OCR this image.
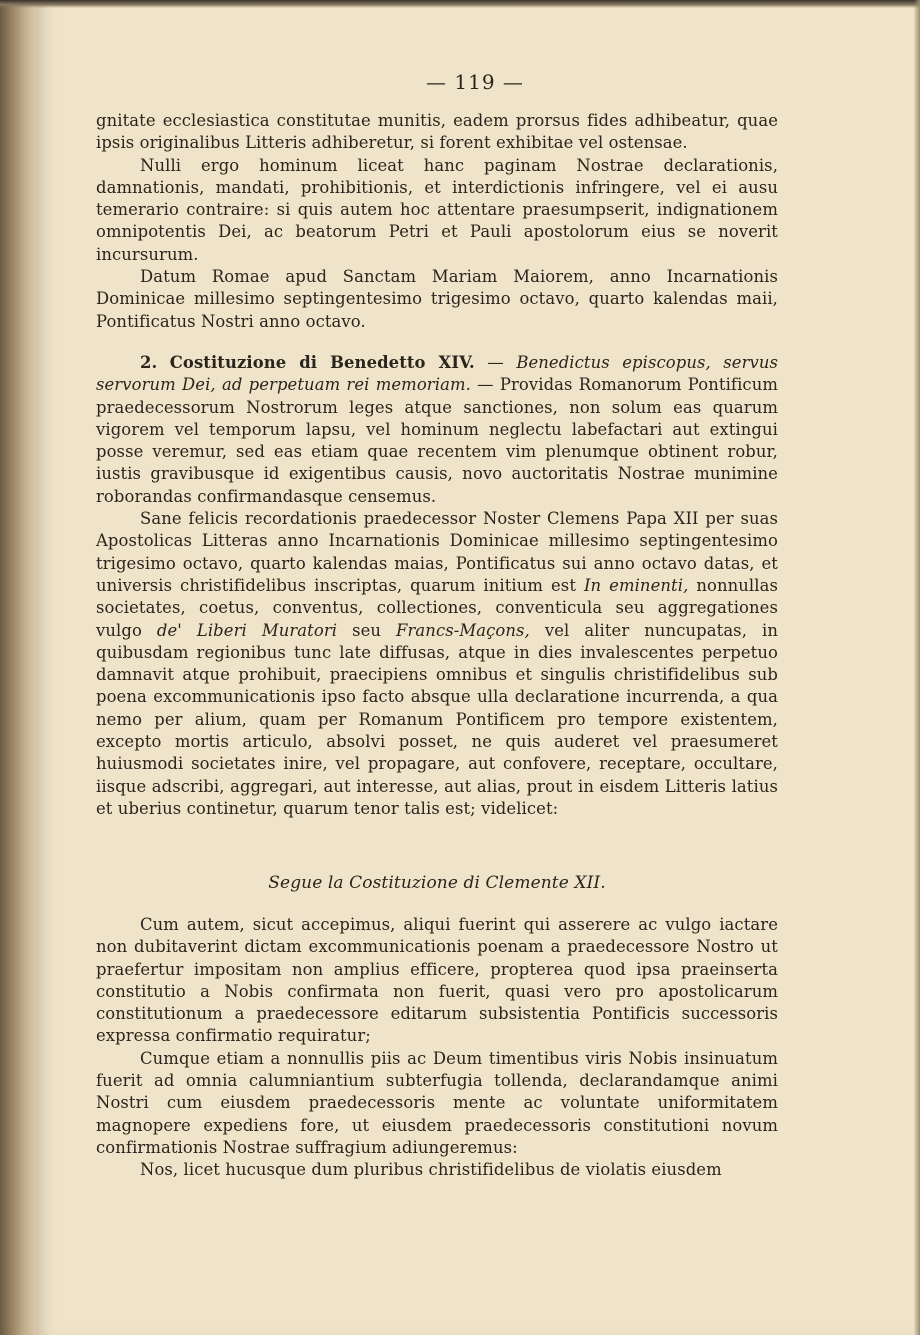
— 119 —

gnitate ecclesiastica constitutae munitis, eadem prorsus fides adhibeatur, quae ipsis originalibus Litteris adhiberetur, si forent exhibitae vel ostensae.

Nulli ergo hominum liceat hanc paginam Nostrae declarationis, damnationis, mandati, prohibitionis, et interdictionis infringere, vel ei ausu temerario contraire: si quis autem hoc attentare praesumpserit, indignationem omnipotentis Dei, ac beatorum Petri et Pauli apostolorum eius se noverit incursurum.

Datum Romae apud Sanctam Mariam Maiorem, anno Incarnationis Dominicae millesimo septingentesimo trigesimo octavo, quarto kalendas maii, Pontificatus Nostri anno octavo.

2. Costituzione di Benedetto XIV. — Benedictus episcopus, servus servorum Dei, ad perpetuam rei memoriam. — Providas Romanorum Pontificum praedecessorum Nostrorum leges atque sanctiones, non solum eas quarum vigorem vel temporum lapsu, vel hominum neglectu labefactari aut extingui posse veremur, sed eas etiam quae recentem vim plenumque obtinent robur, iustis gravibusque id exigentibus causis, novo auctoritatis Nostrae munimine roborandas confirmandasque censemus.

Sane felicis recordationis praedecessor Noster Clemens Papa XII per suas Apostolicas Litteras anno Incarnationis Dominicae millesimo septingentesimo trigesimo octavo, quarto kalendas maias, Pontificatus sui anno octavo datas, et universis christifidelibus inscriptas, quarum initium est In eminenti, nonnullas societates, coetus, conventus, collectiones, conventicula seu aggregationes vulgo de' Liberi Muratori seu Francs-Maçons, vel aliter nuncupatas, in quibusdam regionibus tunc late diffusas, atque in dies invalescentes perpetuo damnavit atque prohibuit, praecipiens omnibus et singulis christifidelibus sub poena excommunicationis ipso facto absque ulla declaratione incurrenda, a qua nemo per alium, quam per Romanum Pontificem pro tempore existentem, excepto mortis articulo, absolvi posset, ne quis auderet vel praesumeret huiusmodi societates inire, vel propagare, aut confovere, receptare, occultare, iisque adscribi, aggregari, aut interesse, aut alias, prout in eisdem Litteris latius et uberius continetur, quarum tenor talis est; videlicet:

Segue la Costituzione di Clemente XII.

Cum autem, sicut accepimus, aliqui fuerint qui asserere ac vulgo iactare non dubitaverint dictam excommunicationis poenam a praedecessore Nostro ut praefertur impositam non amplius efficere, propterea quod ipsa praeinserta constitutio a Nobis confirmata non fuerit, quasi vero pro apostolicarum constitutionum a praedecessore editarum subsistentia Pontificis successoris expressa confirmatio requiratur;

Cumque etiam a nonnullis piis ac Deum timentibus viris Nobis insinuatum fuerit ad omnia calumniantium subterfugia tollenda, declarandamque animi Nostri cum eiusdem praedecessoris mente ac voluntate uniformitatem magnopere expediens fore, ut eiusdem praedecessoris constitutioni novum confirmationis Nostrae suffragium adiungeremus:

Nos, licet hucusque dum pluribus christifidelibus de violatis eiusdem
